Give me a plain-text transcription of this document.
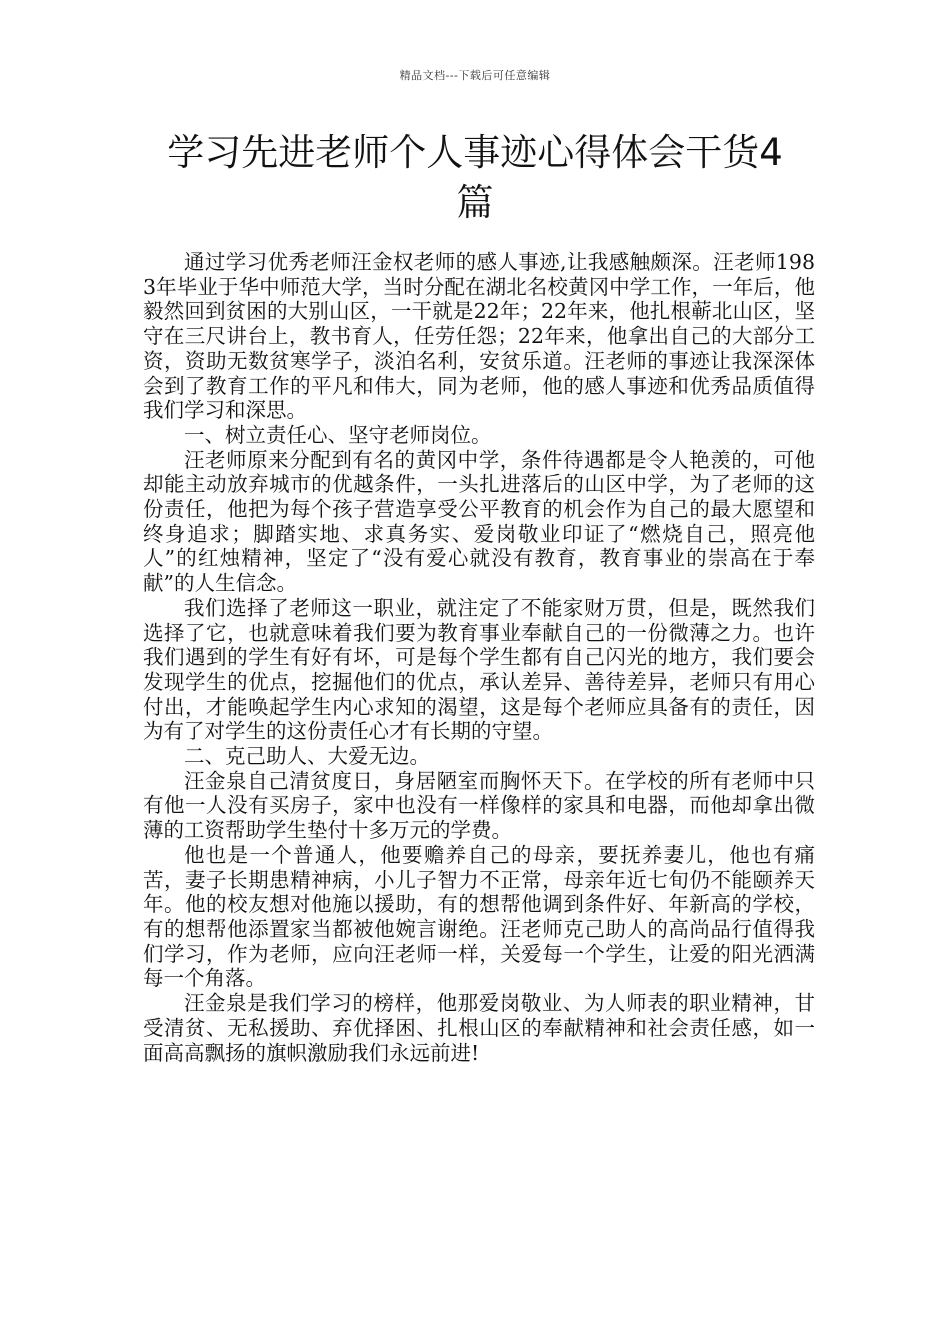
精品文档---下载后可任意编辑
学习先进老师个人事迹心得体会干货4篇

通过学习优秀老师汪金权老师的感人事迹,让我感触颇深。汪老师1983年毕业于华中师范大学，当时分配在湖北名校黄冈中学工作，一年后，他毅然回到贫困的大别山区，一干就是22年；22年来，他扎根蕲北山区，坚守在三尺讲台上，教书育人，任劳任怨；22年来，他拿出自己的大部分工资，资助无数贫寒学子，淡泊名利，安贫乐道。汪老师的事迹让我深深体会到了教育工作的平凡和伟大，同为老师，他的感人事迹和优秀品质值得我们学习和深思。

一、树立责任心、坚守老师岗位。

汪老师原来分配到有名的黄冈中学，条件待遇都是令人艳羡的，可他却能主动放弃城市的优越条件，一头扎进落后的山区中学，为了老师的这份责任，他把为每个孩子营造享受公平教育的机会作为自己的最大愿望和终身追求；脚踏实地、求真务实、爱岗敬业印证了“燃烧自己，照亮他人”的红烛精神，坚定了“没有爱心就没有教育，教育事业的崇高在于奉献”的人生信念。

我们选择了老师这一职业，就注定了不能家财万贯，但是，既然我们选择了它，也就意味着我们要为教育事业奉献自己的一份微薄之力。也许我们遇到的学生有好有坏，可是每个学生都有自己闪光的地方，我们要会发现学生的优点，挖掘他们的优点，承认差异、善待差异，老师只有用心付出，才能唤起学生内心求知的渴望，这是每个老师应具备有的责任，因为有了对学生的这份责任心才有长期的守望。

二、克己助人、大爱无边。

汪金泉自己清贫度日，身居陋室而胸怀天下。在学校的所有老师中只有他一人没有买房子，家中也没有一样像样的家具和电器，而他却拿出微薄的工资帮助学生垫付十多万元的学费。

他也是一个普通人，他要赡养自己的母亲，要抚养妻儿，他也有痛苦，妻子长期患精神病，小儿子智力不正常，母亲年近七旬仍不能颐养天年。他的校友想对他施以援助，有的想帮他调到条件好、年新高的学校，有的想帮他添置家当都被他婉言谢绝。汪老师克己助人的高尚品行值得我们学习，作为老师，应向汪老师一样，关爱每一个学生，让爱的阳光洒满每一个角落。

汪金泉是我们学习的榜样，他那爱岗敬业、为人师表的职业精神，甘受清贫、无私援助、弃优择困、扎根山区的奉献精神和社会责任感，如一面高高飘扬的旗帜激励我们永远前进!
